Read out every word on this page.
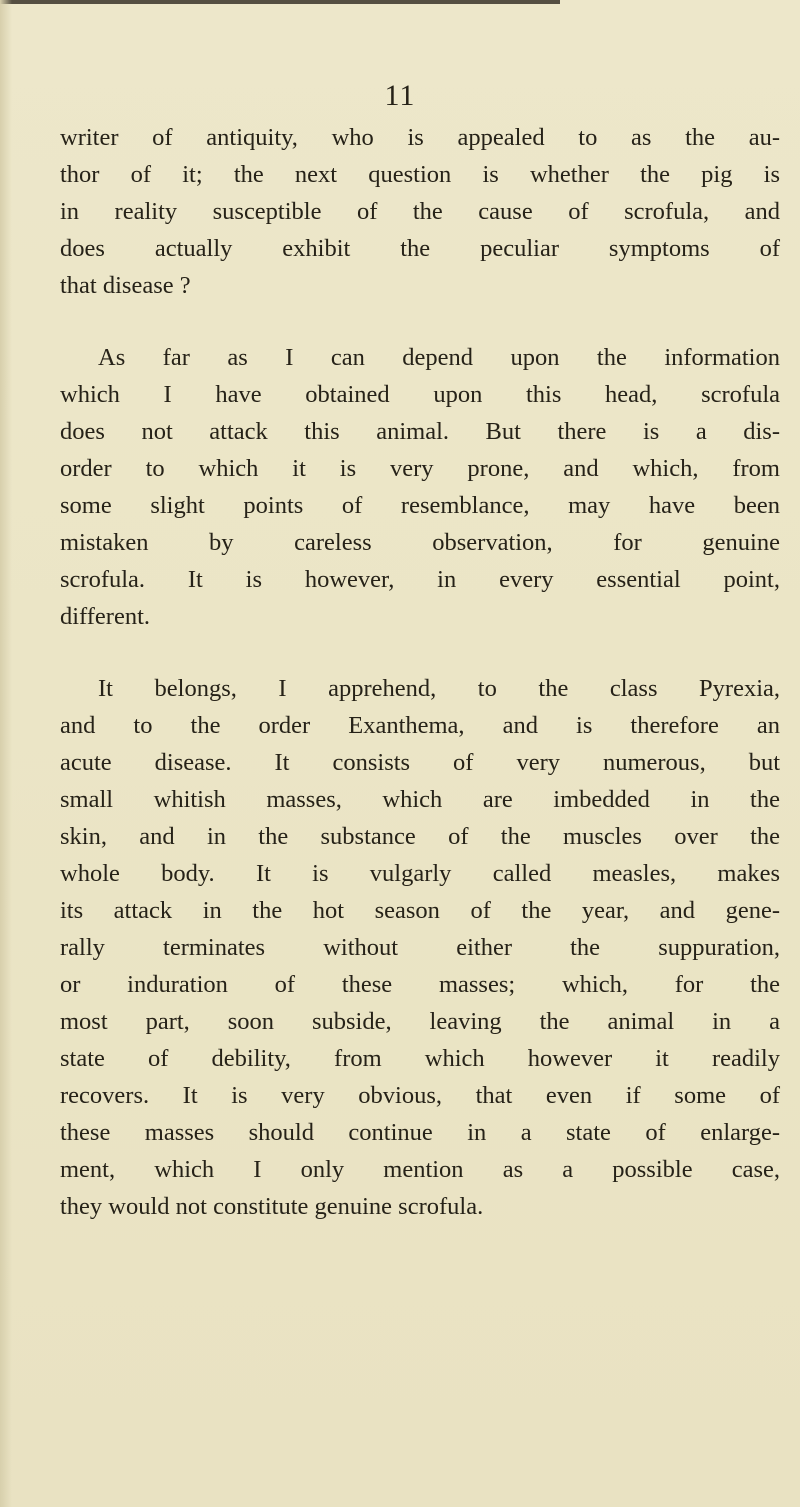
11
writer of antiquity, who is appealed to as the au-
thor of it; the next question is whether the pig is
in reality susceptible of the cause of scrofula, and
does actually exhibit the peculiar symptoms of
that disease ?
As far as I can depend upon the information
which I have obtained upon this head, scrofula
does not attack this animal. But there is a dis-
order to which it is very prone, and which, from
some slight points of resemblance, may have been
mistaken by careless observation, for genuine
scrofula. It is however, in every essential point,
different.
It belongs, I apprehend, to the class Pyrexia,
and to the order Exanthema, and is therefore an
acute disease. It consists of very numerous, but
small whitish masses, which are imbedded in the
skin, and in the substance of the muscles over the
whole body. It is vulgarly called measles, makes
its attack in the hot season of the year, and gene-
rally terminates without either the suppuration,
or induration of these masses; which, for the
most part, soon subside, leaving the animal in a
state of debility, from which however it readily
recovers. It is very obvious, that even if some of
these masses should continue in a state of enlarge-
ment, which I only mention as a possible case,
they would not constitute genuine scrofula.
